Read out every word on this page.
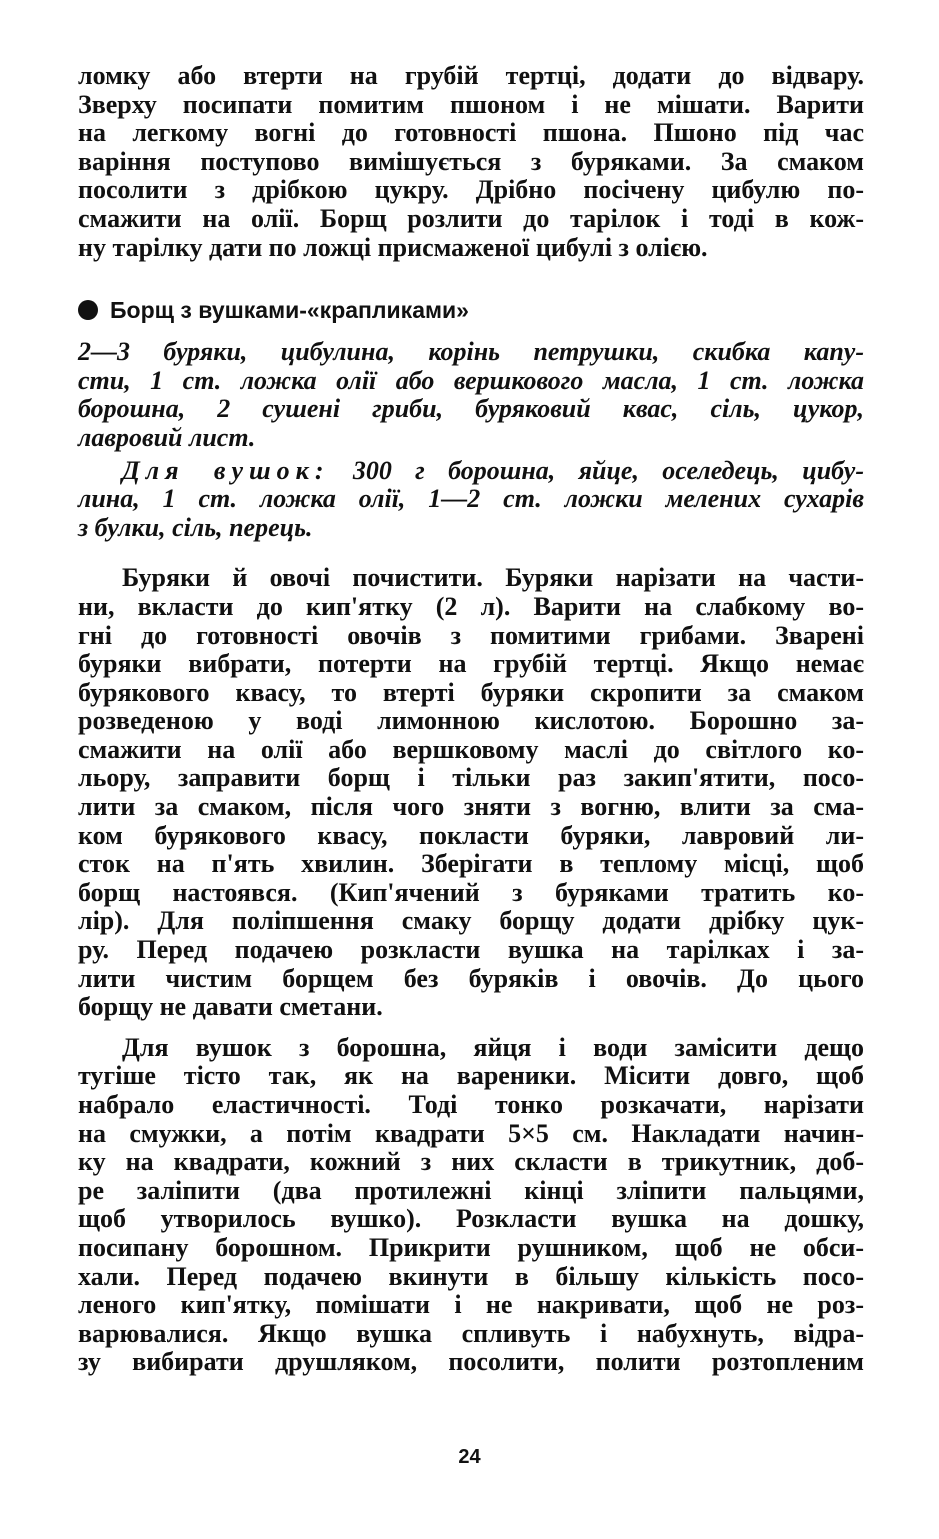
ломку або втерти на грубій тертці, додати до відвару.
Зверху посипати помитим пшоном і не мішати. Варити
на легкому вогні до готовності пшона. Пшоно під час
варіння поступово вимішується з буряками. За смаком
посолити з дрібкою цукру. Дрібно посічену цибулю по-
смажити на олії. Борщ розлити до тарілок і тоді в кож-
ну тарілку дати по ложці присмаженої цибулі з олією.

Борщ з вушками-«крапликами»

2—3 буряки, цибулина, корінь петрушки, скибка капу-
сти, 1 ст. ложка олії або вершкового масла, 1 ст. ложка
борошна, 2 сушені гриби, буряковий квас, сіль, цукор,
лавровий лист.

Для вушок: 300 г борошна, яйце, оселедець, цибу-
лина, 1 ст. ложка олії, 1—2 ст. ложки мелених сухарів
з булки, сіль, перець.

Буряки й овочі почистити. Буряки нарізати на части-
ни, вкласти до кип'ятку (2 л). Варити на слабкому во-
гні до готовності овочів з помитими грибами. Зварені
буряки вибрати, потерти на грубій тертці. Якщо немає
бурякового квасу, то втерті буряки скропити за смаком
розведеною у воді лимонною кислотою. Борошно за-
смажити на олії або вершковому маслі до світлого ко-
льору, заправити борщ і тільки раз закип'ятити, посо-
лити за смаком, після чого зняти з вогню, влити за сма-
ком бурякового квасу, покласти буряки, лавровий ли-
сток на п'ять хвилин. Зберігати в теплому місці, щоб
борщ настоявся. (Кип'ячений з буряками тратить ко-
лір). Для поліпшення смаку борщу додати дрібку цук-
ру. Перед подачею розкласти вушка на тарілках і за-
лити чистим борщем без буряків і овочів. До цього
борщу не давати сметани.

Для вушок з борошна, яйця і води замісити дещо
тугіше тісто так, як на вареники. Місити довго, щоб
набрало еластичності. Тоді тонко розкачати, нарізати
на смужки, а потім квадрати 5×5 см. Накладати начин-
ку на квадрати, кожний з них скласти в трикутник, доб-
ре заліпити (два протилежні кінці зліпити пальцями,
щоб утворилось вушко). Розкласти вушка на дошку,
посипану борошном. Прикрити рушником, щоб не обси-
хали. Перед подачею вкинути в більшу кількість посо-
леного кип'ятку, помішати і не накривати, щоб не роз-
варювалися. Якщо вушка спливуть і набухнуть, відра-
зу вибирати друшляком, посолити, полити розтопленим

24
